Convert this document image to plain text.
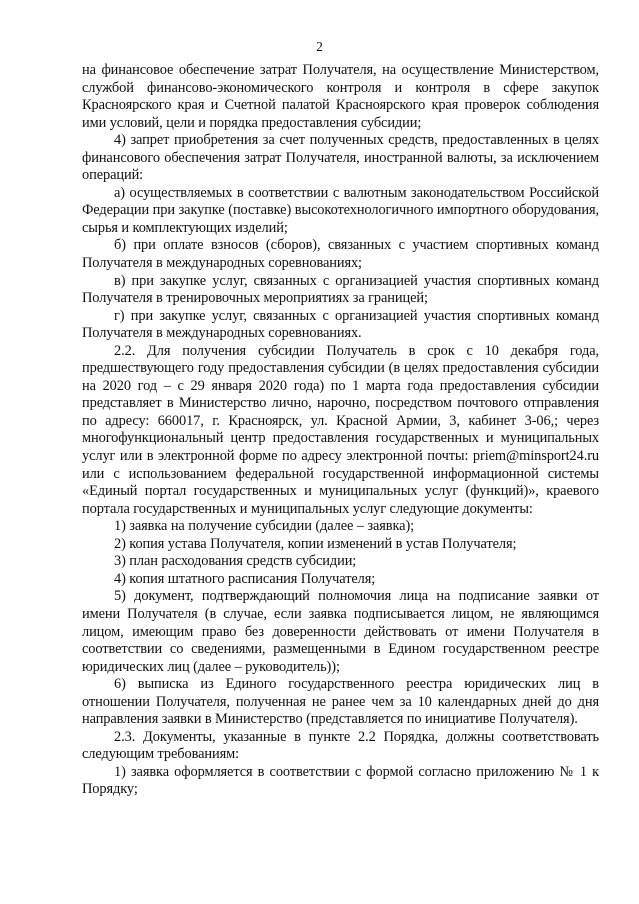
2

на финансовое обеспечение затрат Получателя, на осуществление Министерством, службой финансово-экономического контроля и контроля в сфере закупок Красноярского края и Счетной палатой Красноярского края проверок соблюдения ими условий, цели и порядка предоставления субсидии;

4) запрет приобретения за счет полученных средств, предоставленных в целях финансового обеспечения затрат Получателя, иностранной валюты, за исключением операций:

а) осуществляемых в соответствии с валютным законодательством Российской Федерации при закупке (поставке) высокотехнологичного импортного оборудования, сырья и комплектующих изделий;

б) при оплате взносов (сборов), связанных с участием спортивных команд Получателя в международных соревнованиях;

в) при закупке услуг, связанных с организацией участия спортивных команд Получателя в тренировочных мероприятиях за границей;

г) при закупке услуг, связанных с организацией участия спортивных команд Получателя в международных соревнованиях.

2.2. Для получения субсидии Получатель в срок с 10 декабря года, предшествующего году предоставления субсидии (в целях предоставления субсидии на 2020 год – с 29 января 2020 года) по 1 марта года предоставления субсидии представляет в Министерство лично, нарочно, посредством почтового отправления по адресу: 660017, г. Красноярск, ул. Красной Армии, 3, кабинет 3-06,; через многофункциональный центр предоставления государственных и муниципальных услуг или в электронной форме по адресу электронной почты: priem@minsport24.ru или с использованием федеральной государственной информационной системы «Единый портал государственных и муниципальных услуг (функций)», краевого портала государственных и муниципальных услуг следующие документы:

1) заявка на получение субсидии (далее – заявка);

2) копия устава Получателя, копии изменений в устав Получателя;

3) план расходования средств субсидии;

4) копия штатного расписания Получателя;

5) документ, подтверждающий полномочия лица на подписание заявки от имени Получателя (в случае, если заявка подписывается лицом, не являющимся лицом, имеющим право без доверенности действовать от имени Получателя в соответствии со сведениями, размещенными в Едином государственном реестре юридических лиц (далее – руководитель));

6) выписка из Единого государственного реестра юридических лиц в отношении Получателя, полученная не ранее чем за 10 календарных дней до дня направления заявки в Министерство (представляется по инициативе Получателя).

2.3. Документы, указанные в пункте 2.2 Порядка, должны соответствовать следующим требованиям:

1) заявка оформляется в соответствии с формой согласно приложению № 1 к Порядку;
